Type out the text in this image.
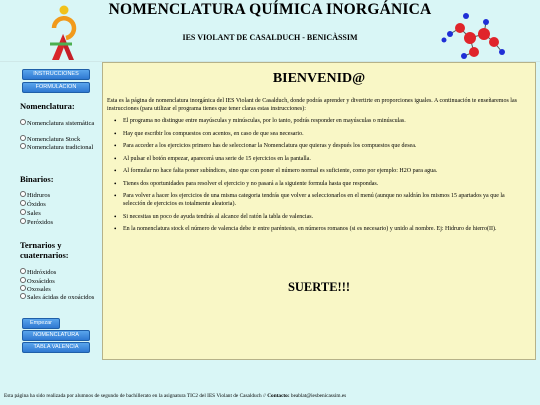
NOMENCLATURA QUÍMICA INORGÁNICA
IES VIOLANT DE CASALDUCH - BENICÀSSIM
INSTRUCCIONES
FORMULACION
Nomenclatura:
Nomenclatura sistemática
Nomenclatura Stock
Nomenclatura tradicional
Binarios:
Hidruros
Óxidos
Sales
Peróxidos
Ternarios y cuaternarios:
Hidróxidos
Oxoácidos
Oxosales
Sales ácidas de oxoácidos
Empezar
NOMENCLATURA
TABLA VALENCIA
BIENVENID@
Esta es la página de nomenclatura inorgánica del IES Violant de Casalduch, donde podrás aprender y divertirte en proporciones iguales. A continuación te enseñaremos las instrucciones (para utilizar el programa tienes que tener claras estas instrucciones):
• El programa no distingue entre mayúsculas y minúsculas, por lo tanto, podrás responder en mayúsculas o minúsculas.
• Hay que escribir los compuestos con acentos, en caso de que sea necesario.
• Para acceder a los ejercicios primero has de seleccionar la Nomenclatura que quieras y después los compuestos que desea.
• Al pulsar el botón empezar, aparecerá una serie de 15 ejercicios en la pantalla.
• Al formular no hace falta poner subíndices, sino que con poner el número normal es suficiente, como por ejemplo: H2O para agua.
• Tienes dos oportunidades para resolver el ejercicio y no pasará a la siguiente formula hasta que respondas.
• Para volver a hacer los ejercicios de una misma categoria tendrás que volver a seleccionarlos en el menú (aunque no saldrán los mismos 15 apartados ya que la selección de ejercicios es totalmente aleatoria).
• Si necesitas un poco de ayuda tendrás al alcance del ratón la tabla de valencias.
• En la nomenclatura stock el número de valencia debe ir entre paréntesis, en números romanos (si es necesario) y unido al nombre. Ej: Hidruro de hierro(II).
SUERTE!!!
Esta página ha sido realizada por alumnos de segundo de bachillerato en la asignatura TIC2 del IES Violant de Casalduch // Contacto: beablat@iesbenicassim.es
